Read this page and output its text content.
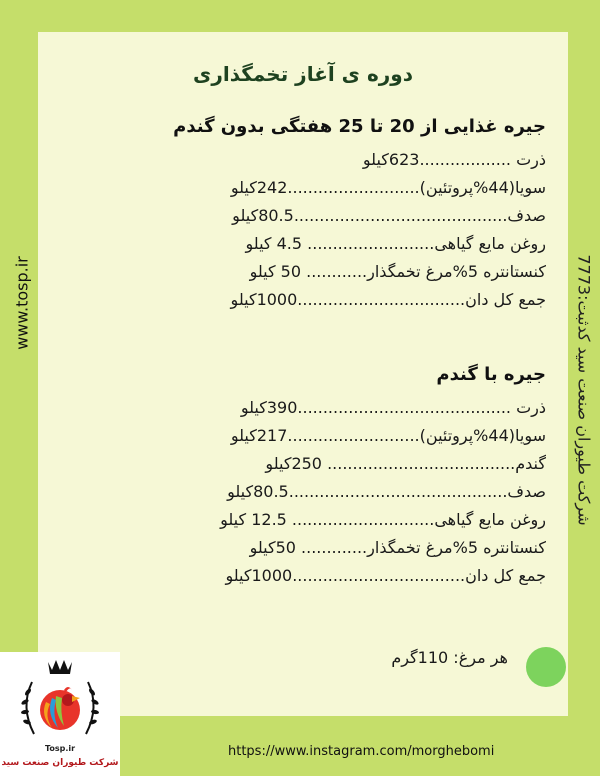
دوره ی آغاز تخمگذاری
جیره غذایی از 20 تا 25 هفتگی بدون گندم
ذرت ..................623کیلو
سویا(44%پروتئین)..........................242کیلو
صدف..........................................80.5کیلو
روغن مایع گیاهی......................... 4.5 کیلو
کنستانتره 5%مرغ تخمگذار............ 50 کیلو
جمع کل دان.................................1000کیلو
جیره با گندم
ذرت ..........................................390کیلو
سویا(44%پروتئین)..........................217کیلو
گندم..................................... 250کیلو
صدف...........................................80.5کیلو
روغن مایع گیاهی............................ 12.5 کیلو
کنستانتره 5%مرغ تخمگذار............. 50کیلو
جمع کل دان..................................1000کیلو
هر مرغ: 110گرم
www.tosp.ir	شرکت طیوران صنعت سید کدثبت:7773
Tosp.ir
شرکت طیوران صنعت سید
https://www.instagram.com/morghebomi
